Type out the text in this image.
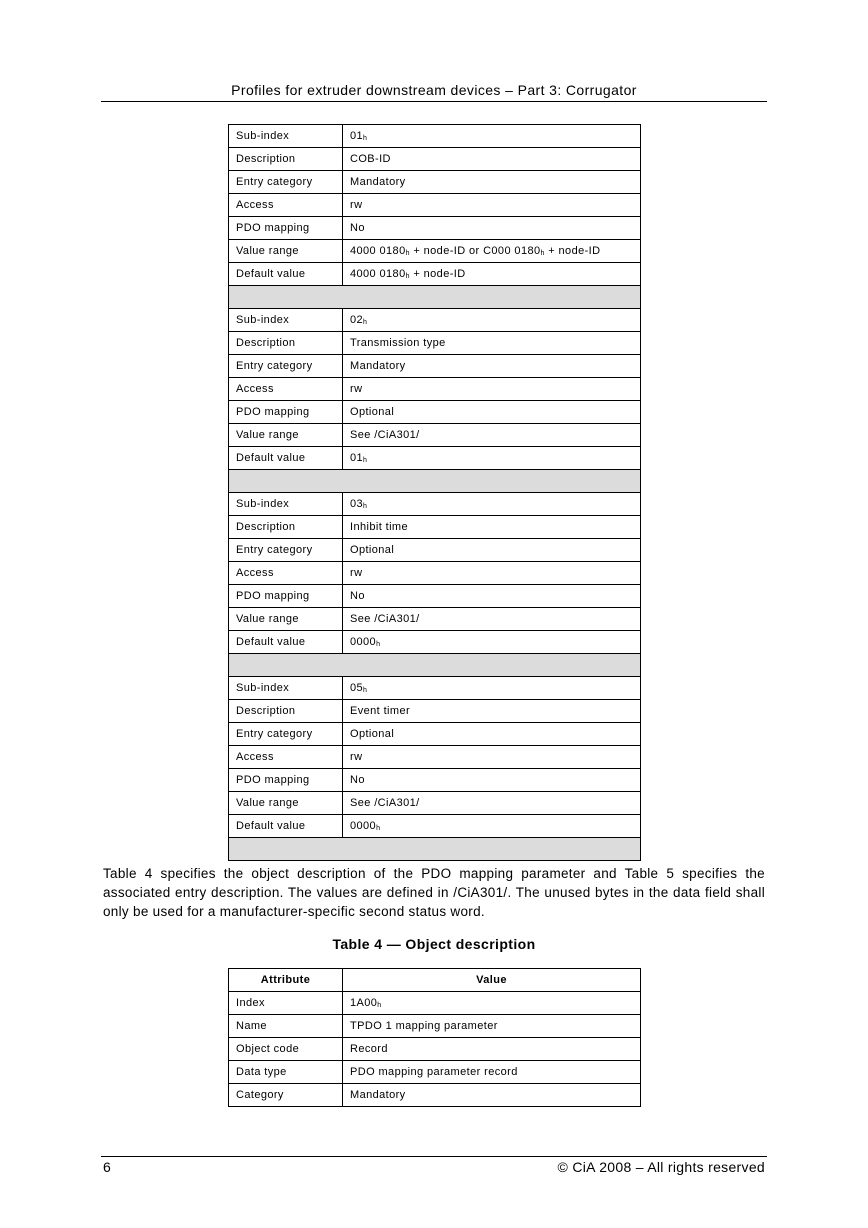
Profiles for extruder downstream devices – Part 3: Corrugator
Sub-index	$01_h$
Description	COB-ID
Entry category	Mandatory
Access	rw
PDO mapping	No
Value range	4000 $0180_h$ + node-ID or C000 $0180_h$ + node-ID
Default value	4000 $0180_h$ + node-ID

Sub-index	$02_h$
Description	Transmission type
Entry category	Mandatory
Access	rw
PDO mapping	Optional
Value range	See /CiA301/
Default value	$01_h$

Sub-index	$03_h$
Description	Inhibit time
Entry category	Optional
Access	rw
PDO mapping	No
Value range	See /CiA301/
Default value	$0000_h$

Sub-index	$05_h$
Description	Event timer
Entry category	Optional
Access	rw
PDO mapping	No
Value range	See /CiA301/
Default value	$0000_h$

Table 4 specifies the object description of the PDO mapping parameter and Table 5 specifies the associated entry description. The values are defined in /CiA301/. The unused bytes in the data field shall only be used for a manufacturer-specific second status word.

Table 4 — Object description
Attribute	Value
Index	$1A00_h$
Name	TPDO 1 mapping parameter
Object code	Record
Data type	PDO mapping parameter record
Category	Mandatory
6	© CiA 2008 – All rights reserved
